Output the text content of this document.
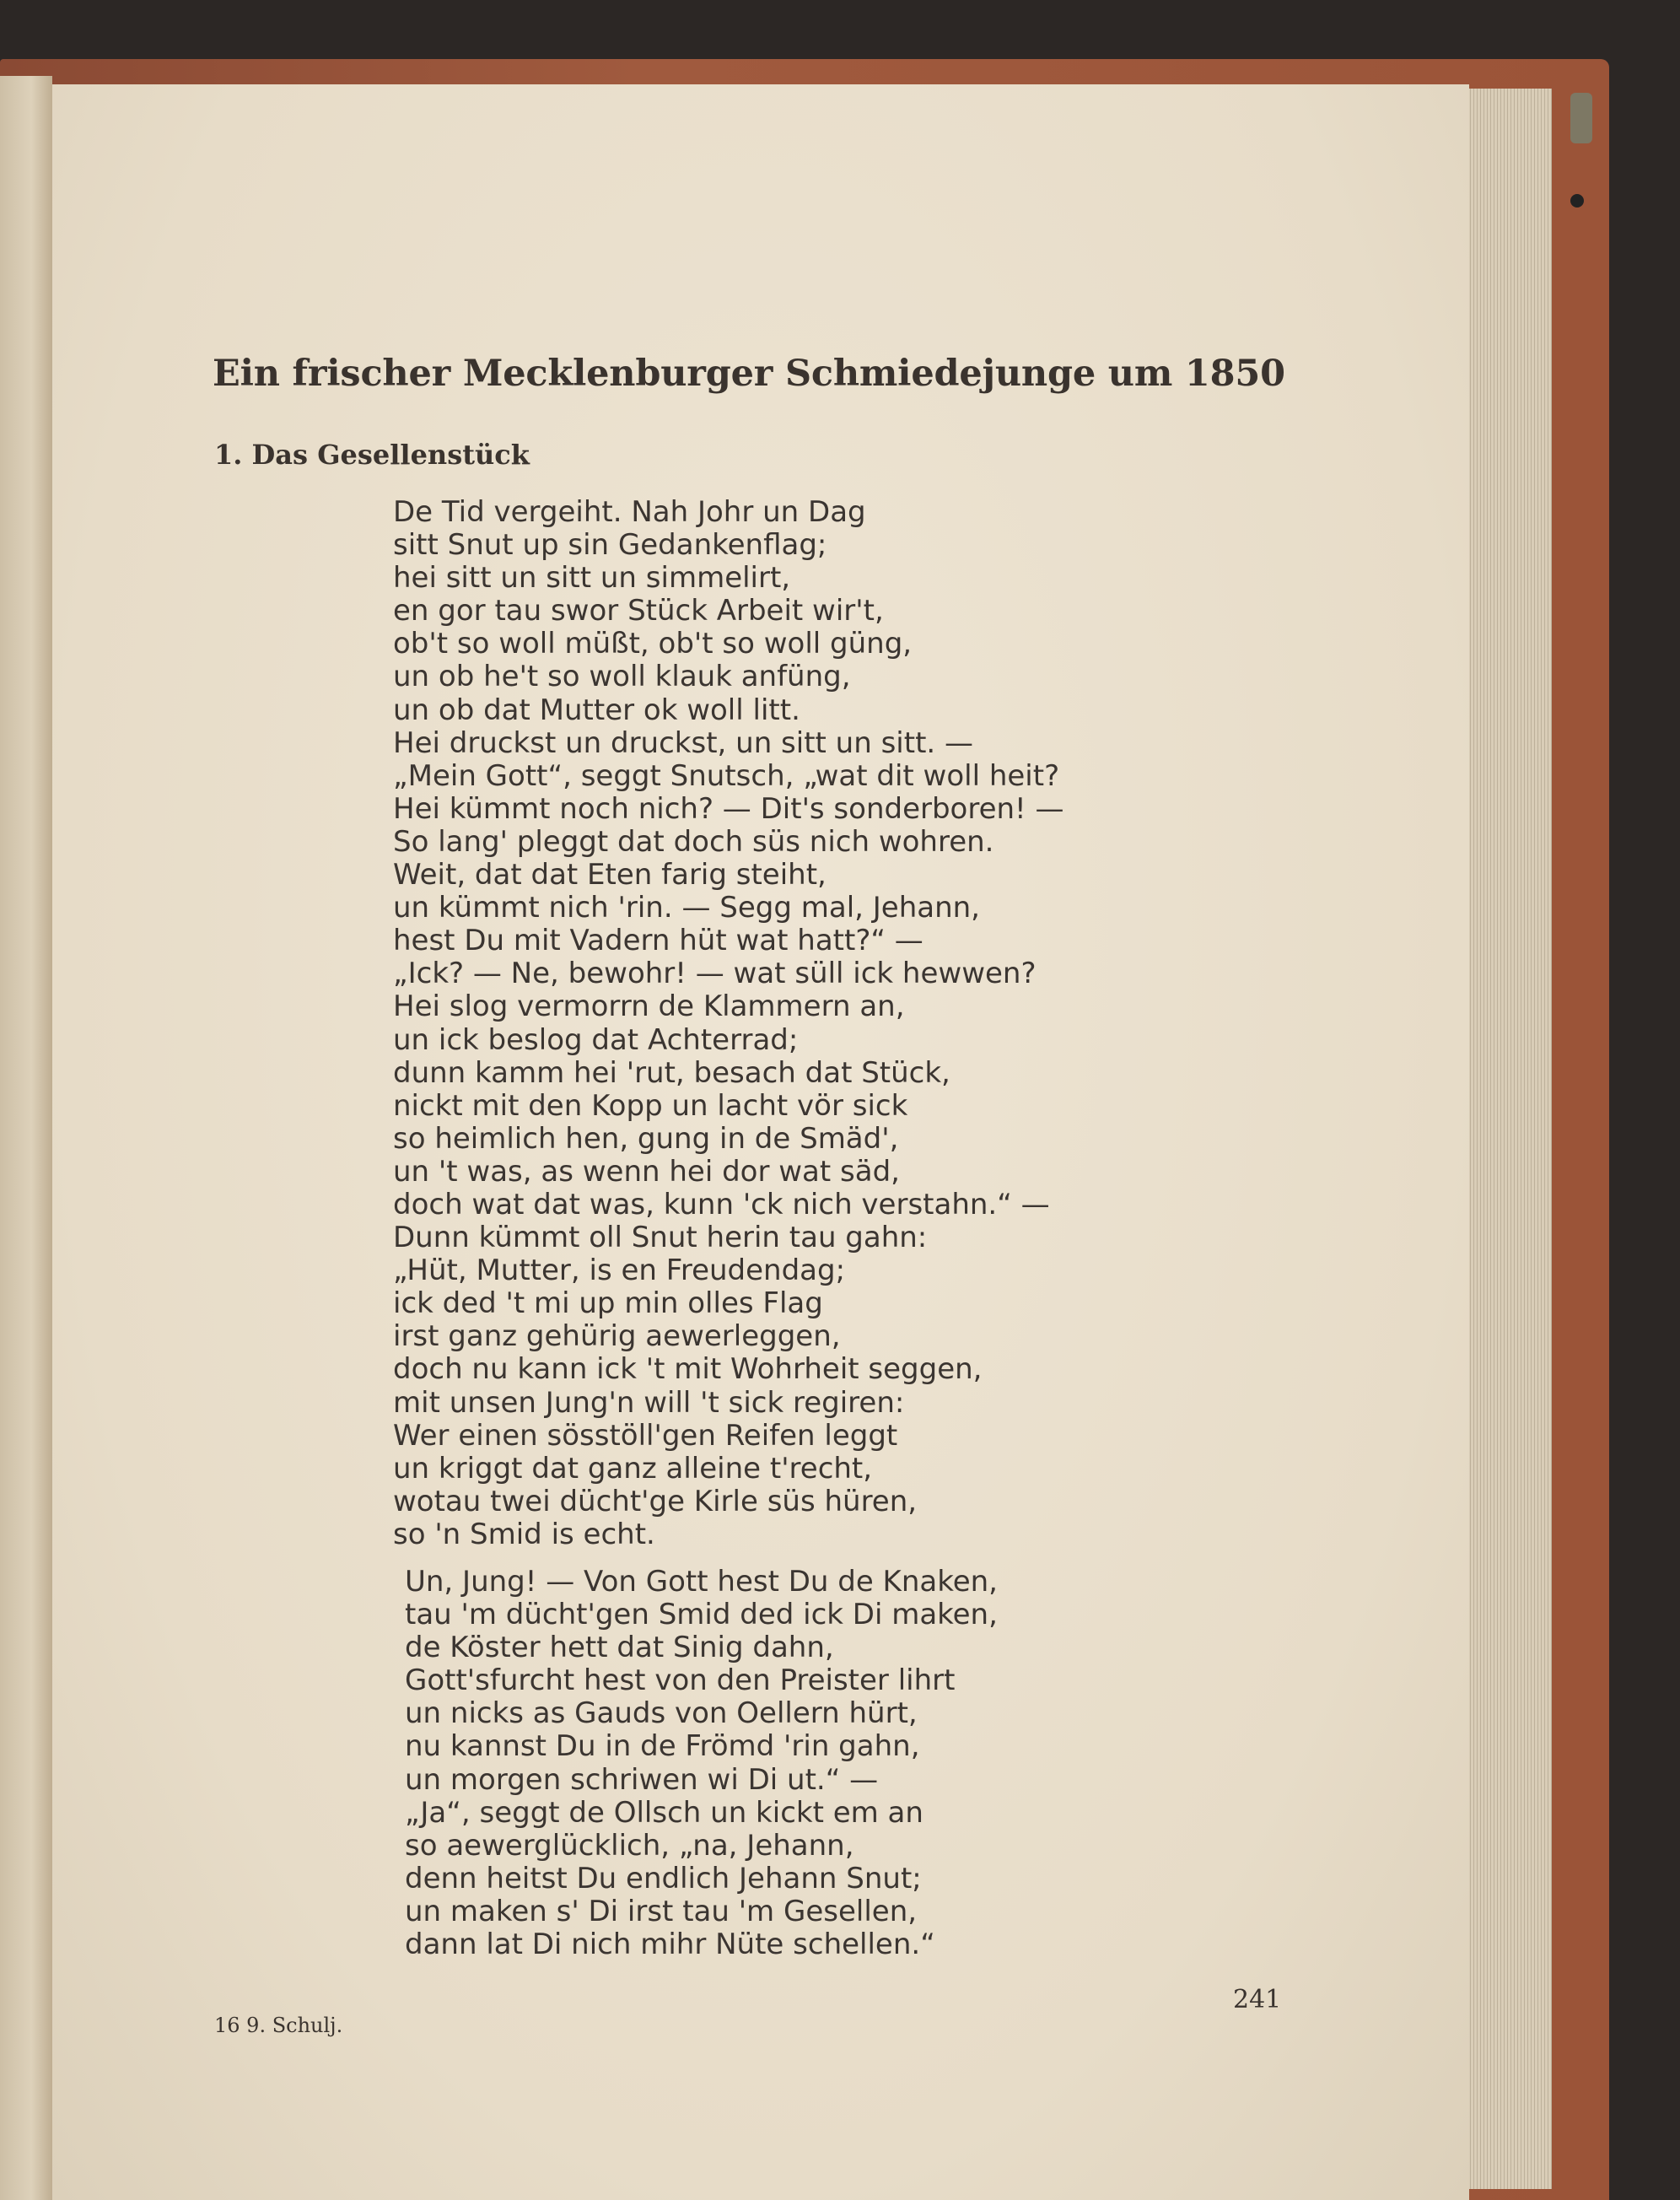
Ein frischer Mecklenburger Schmiedejunge um 1850
1. Das Gesellenstück
De Tid vergeiht. Nah Johr un Dag
sitt Snut up sin Gedankenflag;
hei sitt un sitt un simmelirt,
en gor tau swor Stück Arbeit wir't,
ob't so woll müßt, ob't so woll güng,
un ob he't so woll klauk anfüng,
un ob dat Mutter ok woll litt.
Hei druckst un druckst, un sitt un sitt. —
„Mein Gott“, seggt Snutsch, „wat dit woll heit?
Hei kümmt noch nich? — Dit's sonderboren! —
So lang' pleggt dat doch süs nich wohren.
Weit, dat dat Eten farig steiht,
un kümmt nich 'rin. — Segg mal, Jehann,
hest Du mit Vadern hüt wat hatt?“ —
„Ick? — Ne, bewohr! — wat süll ick hewwen?
Hei slog vermorrn de Klammern an,
un ick beslog dat Achterrad;
dunn kamm hei 'rut, besach dat Stück,
nickt mit den Kopp un lacht vör sick
so heimlich hen, gung in de Smäd',
un 't was, as wenn hei dor wat säd,
doch wat dat was, kunn 'ck nich verstahn.“ —
Dunn kümmt oll Snut herin tau gahn:
„Hüt, Mutter, is en Freudendag;
ick ded 't mi up min olles Flag
irst ganz gehürig aewerleggen,
doch nu kann ick 't mit Wohrheit seggen,
mit unsen Jung'n will 't sick regiren:
Wer einen sösstöll'gen Reifen leggt
un kriggt dat ganz alleine t'recht,
wotau twei dücht'ge Kirle süs hüren,
so 'n Smid is echt.
Un, Jung! — Von Gott hest Du de Knaken,
tau 'm dücht'gen Smid ded ick Di maken,
de Köster hett dat Sinig dahn,
Gott'sfurcht hest von den Preister lihrt
un nicks as Gauds von Oellern hürt,
nu kannst Du in de Frömd 'rin gahn,
un morgen schriwen wi Di ut.“ —
„Ja“, seggt de Ollsch un kickt em an
so aewerglücklich, „na, Jehann,
denn heitst Du endlich Jehann Snut;
un maken s' Di irst tau 'm Gesellen,
dann lat Di nich mihr Nüte schellen.“
241
16 9. Schulj.
